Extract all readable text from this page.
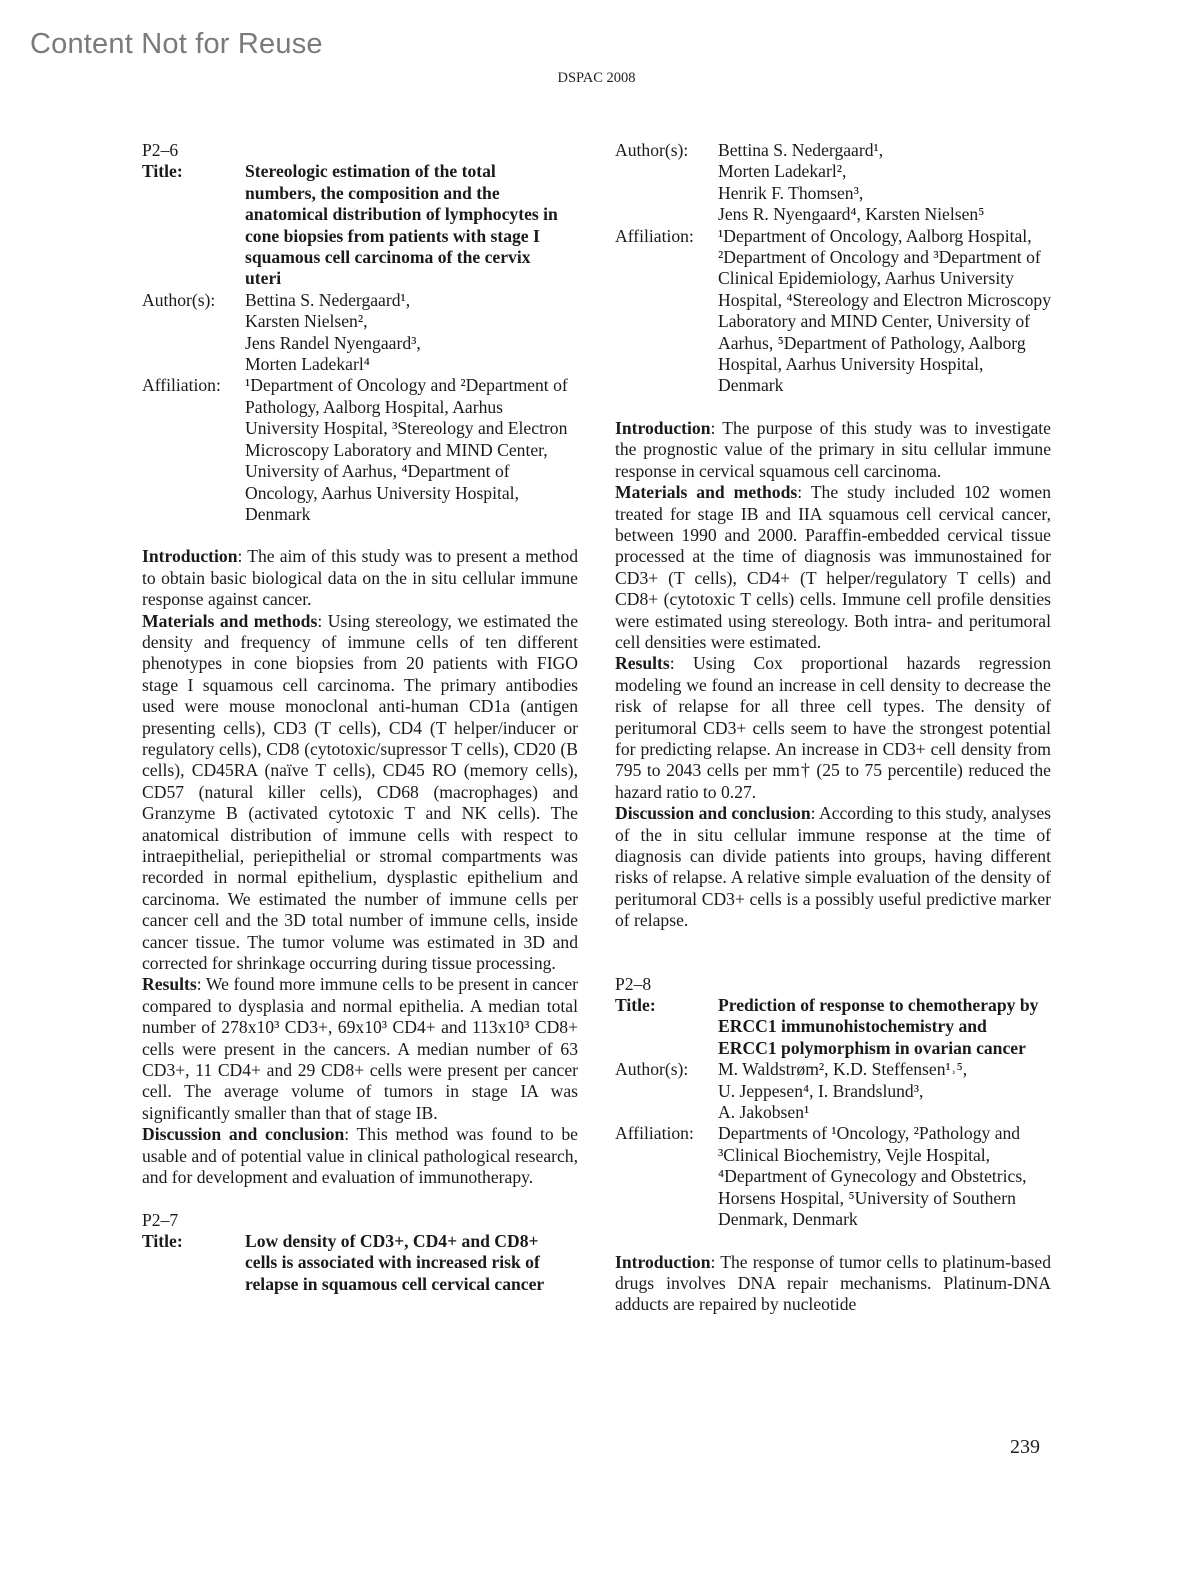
Content Not for Reuse
DSPAC 2008

P2–6

Title:	Stereologic estimation of the total numbers, the composition and the anatomical distribution of lymphocytes in cone biopsies from patients with stage I squamous cell carcinoma of the cervix uteri

Author(s):	Bettina S. Nedergaard¹,
Karsten Nielsen²,
Jens Randel Nyengaard³,
Morten Ladekarl⁴

Affiliation:	¹Department of Oncology and ²Department of Pathology, Aalborg Hospital, Aarhus University Hospital, ³Stereology and Electron Microscopy Laboratory and MIND Center, University of Aarhus, ⁴Department of Oncology, Aarhus University Hospital, Denmark

Introduction: The aim of this study was to present a method to obtain basic biological data on the in situ cellular immune response against cancer.

Materials and methods: Using stereology, we estimated the density and frequency of immune cells of ten different phenotypes in cone biopsies from 20 patients with FIGO stage I squamous cell carcinoma. The primary antibodies used were mouse monoclonal anti-human CD1a (antigen presenting cells), CD3 (T cells), CD4 (T helper/inducer or regulatory cells), CD8 (cytotoxic/supressor T cells), CD20 (B cells), CD45RA (naïve T cells), CD45 RO (memory cells), CD57 (natural killer cells), CD68 (macrophages) and Granzyme B (activated cytotoxic T and NK cells). The anatomical distribution of immune cells with respect to intraepithelial, periepithelial or stromal compartments was recorded in normal epithelium, dysplastic epithelium and carcinoma. We estimated the number of immune cells per cancer cell and the 3D total number of immune cells, inside cancer tissue. The tumor volume was estimated in 3D and corrected for shrinkage occurring during tissue processing.

Results: We found more immune cells to be present in cancer compared to dysplasia and normal epithelia. A median total number of 278x10³ CD3+, 69x10³ CD4+ and 113x10³ CD8+ cells were present in the cancers. A median number of 63 CD3+, 11 CD4+ and 29 CD8+ cells were present per cancer cell. The average volume of tumors in stage IA was significantly smaller than that of stage IB.

Discussion and conclusion: This method was found to be usable and of potential value in clinical pathological research, and for development and evaluation of immunotherapy.

P2–7

Title:	Low density of CD3+, CD4+ and CD8+ cells is associated with increased risk of relapse in squamous cell cervical cancer

Author(s):	Bettina S. Nedergaard¹,
Morten Ladekarl²,
Henrik F. Thomsen³,
Jens R. Nyengaard⁴, Karsten Nielsen⁵

Affiliation:	¹Department of Oncology, Aalborg Hospital, ²Department of Oncology and ³Department of Clinical Epidemiology, Aarhus University Hospital, ⁴Stereology and Electron Microscopy Laboratory and MIND Center, University of Aarhus, ⁵Department of Pathology, Aalborg Hospital, Aarhus University Hospital, Denmark

Introduction: The purpose of this study was to investigate the prognostic value of the primary in situ cellular immune response in cervical squamous cell carcinoma.

Materials and methods: The study included 102 women treated for stage IB and IIA squamous cell cervical cancer, between 1990 and 2000. Paraffin-embedded cervical tissue processed at the time of diagnosis was immunostained for CD3+ (T cells), CD4+ (T helper/regulatory T cells) and CD8+ (cytotoxic T cells) cells. Immune cell profile densities were estimated using stereology. Both intra- and peritumoral cell densities were estimated.

Results: Using Cox proportional hazards regression modeling we found an increase in cell density to decrease the risk of relapse for all three cell types. The density of peritumoral CD3+ cells seem to have the strongest potential for predicting relapse. An increase in CD3+ cell density from 795 to 2043 cells per mm† (25 to 75 percentile) reduced the hazard ratio to 0.27.

Discussion and conclusion: According to this study, analyses of the in situ cellular immune response at the time of diagnosis can divide patients into groups, having different risks of relapse. A relative simple evaluation of the density of peritumoral CD3+ cells is a possibly useful predictive marker of relapse.

P2–8

Title:	Prediction of response to chemotherapy by ERCC1 immunohistochemistry and ERCC1 polymorphism in ovarian cancer

Author(s):	M. Waldstrøm², K.D. Steffensen¹˒⁵,
U. Jeppesen⁴, I. Brandslund³,
A. Jakobsen¹

Affiliation:	Departments of ¹Oncology, ²Pathology and ³Clinical Biochemistry, Vejle Hospital, ⁴Department of Gynecology and Obstetrics, Horsens Hospital, ⁵University of Southern Denmark, Denmark

Introduction: The response of tumor cells to platinum-based drugs involves DNA repair mechanisms. Platinum-DNA adducts are repaired by nucleotide

239
